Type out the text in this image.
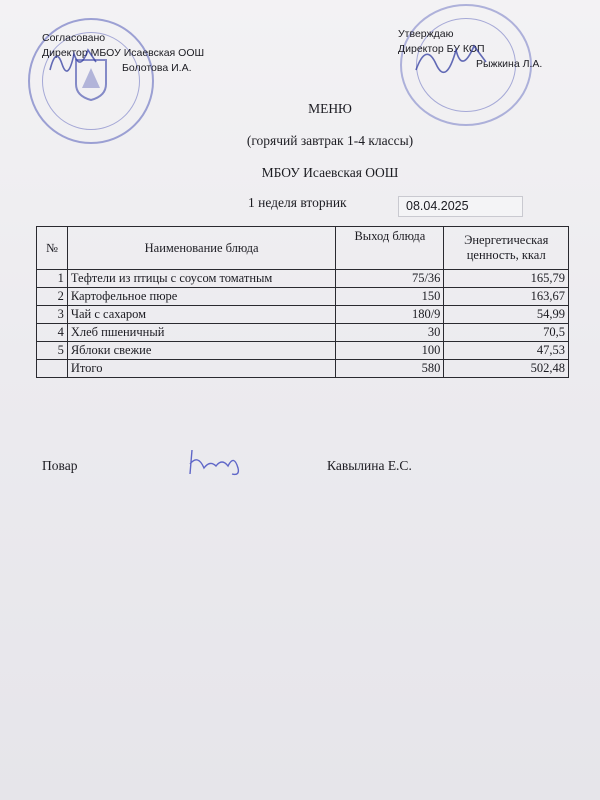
Согласовано
Директор МБОУ Исаевская ООШ
Болотова И.А.
Утверждаю
Директор БУ КОП
Рыжкина Л.А.
МЕНЮ
(горячий завтрак 1-4 классы)
МБОУ Исаевская ООШ
1 неделя вторник	08.04.2025
№	Наименование блюда	Выход блюда	Энергетическая ценность, ккал
1	Тефтели из птицы с соусом томатным	75/36	165,79
2	Картофельное пюре	150	163,67
3	Чай с сахаром	180/9	54,99
4	Хлеб пшеничный	30	70,5
5	Яблоки свежие	100	47,53
	Итого	580	502,48
Повар	Кавылина Е.С.
